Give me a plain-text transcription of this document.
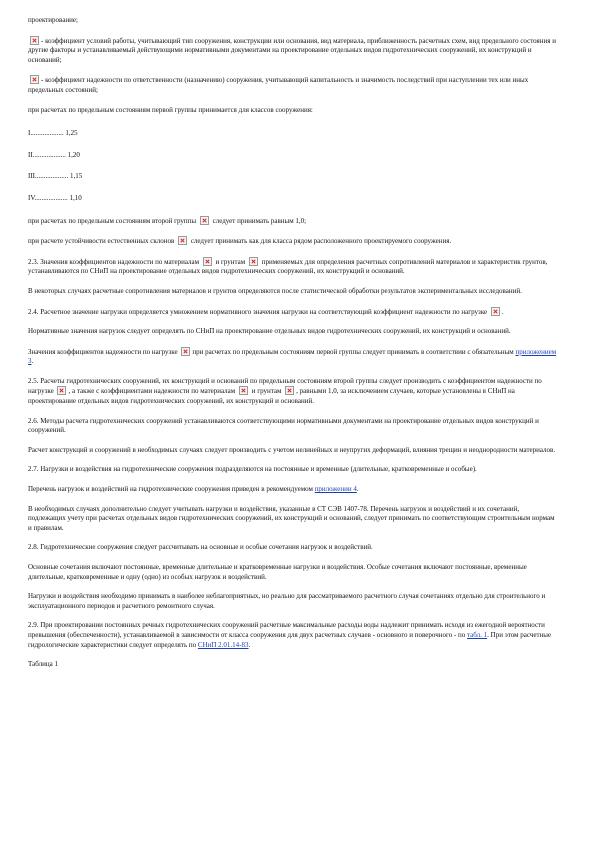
проектирование;

- коэффициент условий работы, учитывающий тип сооружения, конструкции или основания, вид материала, приближенность расчетных схем, вид предельного состояния и другие факторы и устанавливаемый действующими нормативными документами на проектирование отдельных видов гидротехнических сооружений, их конструкций и оснований;

- коэффициент надежности по ответственности (назначению) сооружения, учитывающий капитальность и значимость последствий при наступлении тех или иных предельных состояний;

при расчетах по предельным состояниям первой группы принимается для классов сооружения:

I................... 1,25

II................... 1,20

III................... 1,15

IV................... 1,10

при расчетах по предельным состояниям второй группы следует принимать равным 1,0;

при расчете устойчивости естественных склонов следует принимать как для класса рядом расположенного проектируемого сооружения.

2.3. Значения коэффициентов надежности по материалам и грунтам применяемых для определения расчетных сопротивлений материалов и характеристик грунтов, устанавливаются по СНиП на проектирование отдельных видов гидротехнических сооружений, их конструкций и оснований.

В некоторых случаях расчетные сопротивления материалов и грунтов определяются после статистической обработки результатов экспериментальных исследований.

2.4. Расчетное значение нагрузки определяется умножением нормативного значения нагрузки на соответствующий коэффициент надежности по нагрузке .

Нормативные значения нагрузок следует определять по СНиП на проектирование отдельных видов гидротехнических сооружений, их конструкций и оснований.

Значения коэффициентов надежности по нагрузке при расчетах по предельным состояниям первой группы следует принимать в соответствии с обязательным приложением 3.

2.5. Расчеты гидротехнических сооружений, их конструкций и оснований по предельным состояниям второй группы следует производить с коэффициентом надежности по нагрузке , а также с коэффициентами надежности по материалам и грунтам , равными 1,0, за исключением случаев, которые установлены в СНиП на проектирование отдельных видов гидротехнических сооружений, их конструкций и оснований.

2.6. Методы расчета гидротехнических сооружений устанавливаются соответствующими нормативными документами на проектирование отдельных видов конструкций и сооружений.

Расчет конструкций и сооружений в необходимых случаях следует производить с учетом нелинейных и неупругих деформаций, влияния трещин и неоднородности материалов.

2.7. Нагрузки и воздействия на гидротехнические сооружения подразделяются на постоянные и временные (длительные, кратковременные и особые).

Перечень нагрузок и воздействий на гидротехнические сооружения приведен в рекомендуемом приложении 4.

В необходимых случаях дополнительно следует учитывать нагрузки и воздействия, указанные в СТ СЭВ 1407-78. Перечень нагрузок и воздействий и их сочетаний, подлежащих учету при расчетах отдельных видов гидротехнических сооружений, их конструкций и оснований, следует принимать по соответствующим строительным нормам и правилам.

2.8. Гидротехнические сооружения следует рассчитывать на основные и особые сочетания нагрузок и воздействий.

Основные сочетания включают постоянные, временные длительные и кратковременные нагрузки и воздействия. Особые сочетания включают постоянные, временные длительные, кратковременные и одну (одно) из особых нагрузок и воздействий.

Нагрузки и воздействия необходимо принимать в наиболее неблагоприятных, но реально для рассматриваемого расчетного случая сочетаниях отдельно для строительного и эксплуатационного периодов и расчетного ремонтного случая.

2.9. При проектировании постоянных речных гидротехнических сооружений расчетные максимальные расходы воды надлежит принимать исходя из ежегодной вероятности превышения (обеспеченности), устанавливаемой в зависимости от класса сооружения для двух расчетных случаев - основного и поверочного - по табл. 1. При этом расчетные гидрологические характеристики следует определять по СНиП 2.01.14-83.

Таблица 1
